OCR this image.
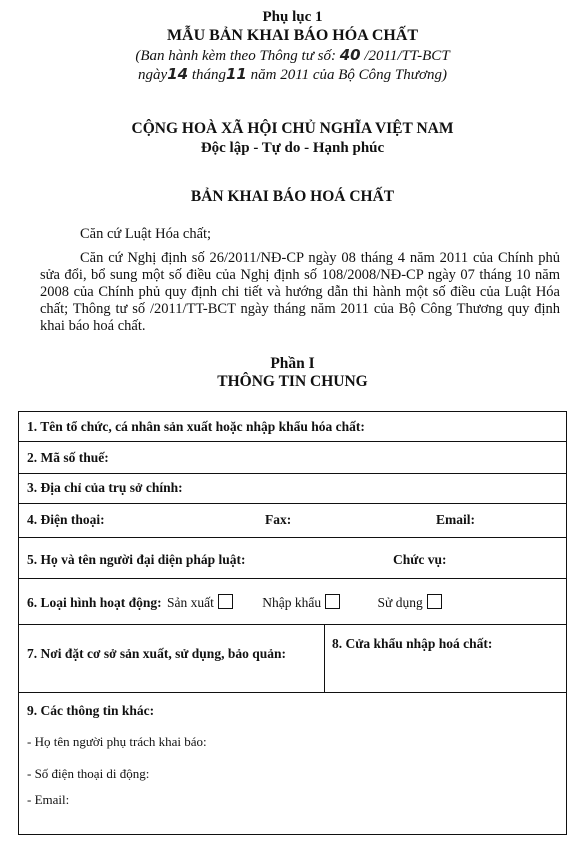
Phụ lục 1
MẪU BẢN KHAI BÁO HÓA CHẤT
(Ban hành kèm theo Thông tư số: 40 /2011/TT-BCT
ngày14 tháng11 năm 2011 của Bộ Công Thương)
CỘNG HOÀ XÃ HỘI CHỦ NGHĨA VIỆT NAM
Độc lập - Tự do - Hạnh phúc
BẢN KHAI BÁO HOÁ CHẤT
Căn cứ Luật Hóa chất;
Căn cứ Nghị định số 26/2011/NĐ-CP ngày 08 tháng 4 năm 2011 của Chính phủ sửa đổi, bổ sung một số điều của Nghị định số 108/2008/NĐ-CP ngày 07 tháng 10 năm 2008 của Chính phủ quy định chi tiết và hướng dẫn thi hành một số điều của Luật Hóa chất; Thông tư số /2011/TT-BCT ngày tháng năm 2011 của Bộ Công Thương quy định khai báo hoá chất.
Phần I
THÔNG TIN CHUNG
1. Tên tổ chức, cá nhân sản xuất hoặc nhập khẩu hóa chất:
2. Mã số thuế:
3. Địa chỉ của trụ sở chính:
4. Điện thoại:	Fax:	Email:
5. Họ và tên người đại diện pháp luật:	Chức vụ:
6. Loại hình hoạt động: Sản xuất	Nhập khẩu	Sử dụng
7. Nơi đặt cơ sở sản xuất, sử dụng, bảo quản:
8. Cửa khẩu nhập hoá chất:
9. Các thông tin khác:
- Họ tên người phụ trách khai báo:
- Số điện thoại di động:
- Email:
